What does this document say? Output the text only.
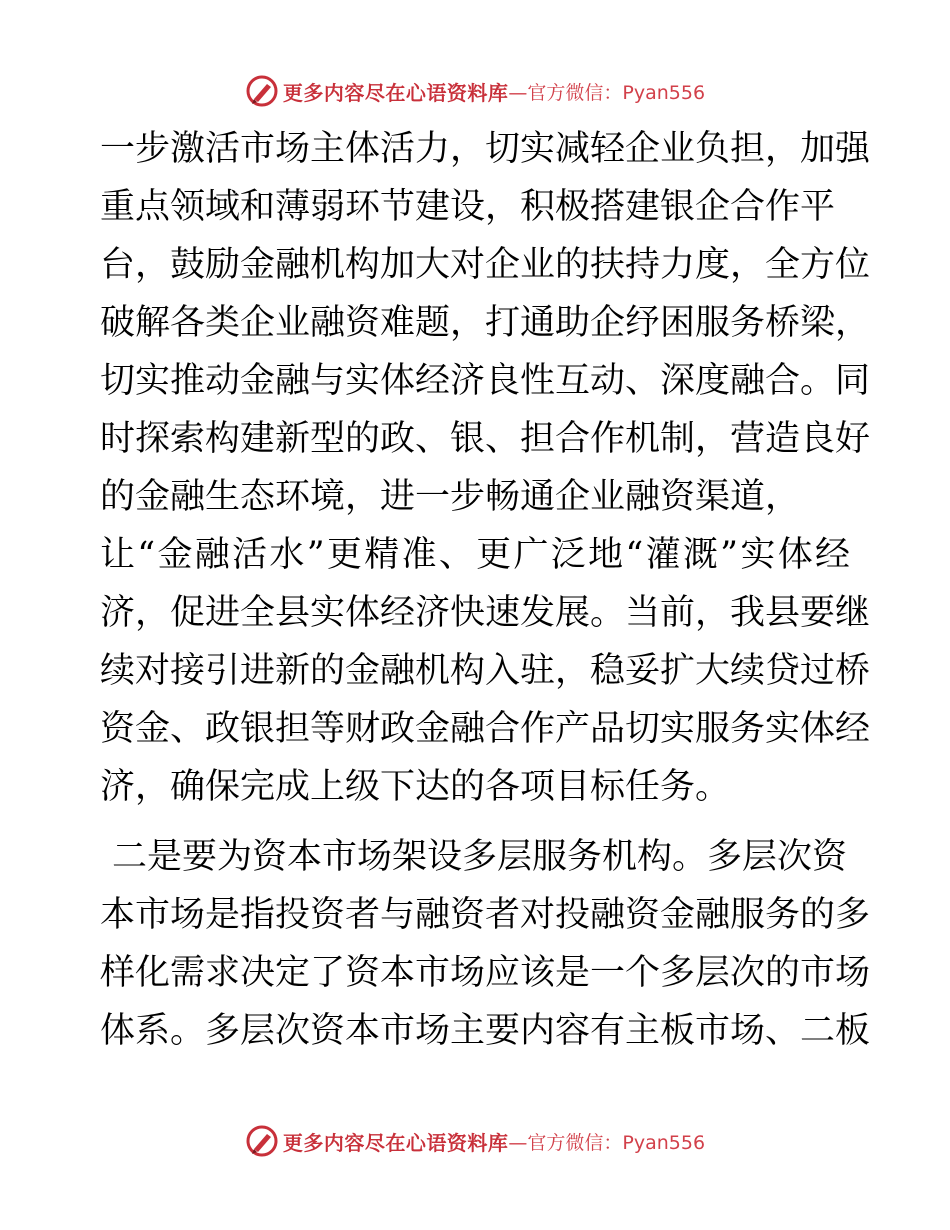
更多内容尽在心语资料库 —官方微信：Pyan556
一步激活市场主体活力，切实减轻企业负担，加强
重点领域和薄弱环节建设，积极搭建银企合作平
台，鼓励金融机构加大对企业的扶持力度，全方位
破解各类企业融资难题，打通助企纾困服务桥梁，
切实推动金融与实体经济良性互动、深度融合。同
时探索构建新型的政、银、担合作机制，营造良好
的金融生态环境，进一步畅通企业融资渠道，
让“金融活水”更精准、更广泛地“灌溉”实体经
济，促进全县实体经济快速发展。当前，我县要继
续对接引进新的金融机构入驻，稳妥扩大续贷过桥
资金、政银担等财政金融合作产品切实服务实体经
济，确保完成上级下达的各项目标任务。
二是要为资本市场架设多层服务机构。多层次资
本市场是指投资者与融资者对投融资金融服务的多
样化需求决定了资本市场应该是一个多层次的市场
体系。多层次资本市场主要内容有主板市场、二板
更多内容尽在心语资料库 —官方微信：Pyan556
